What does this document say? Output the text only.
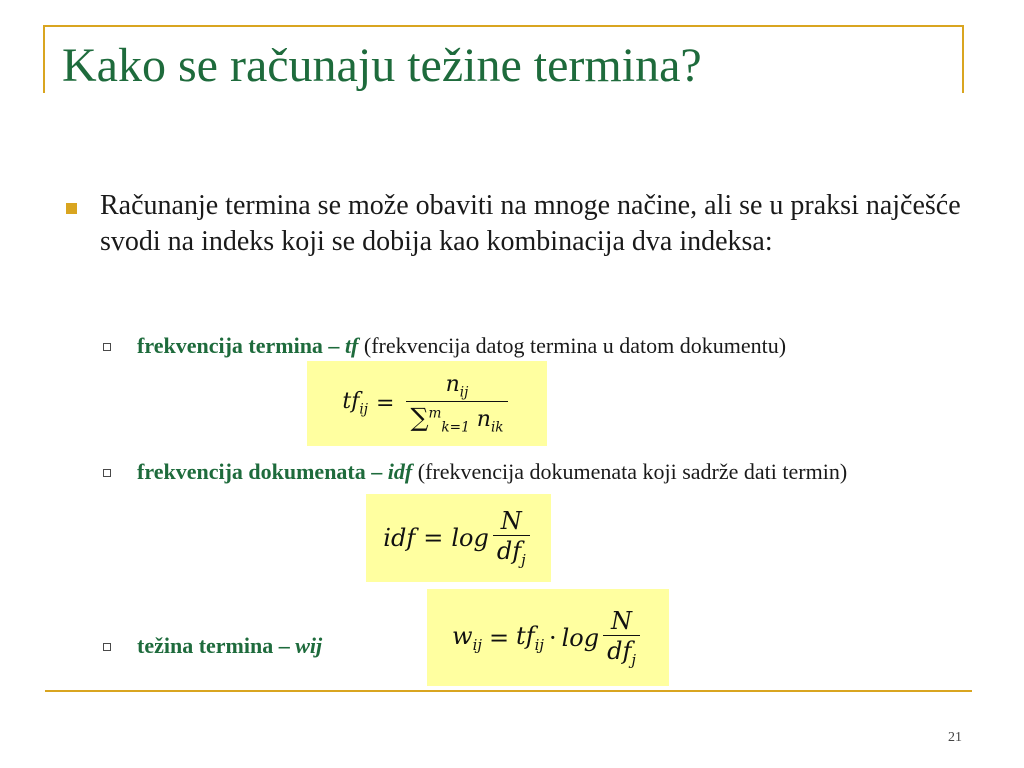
Kako se računaju težine termina?
Računanje termina se može obaviti na mnoge načine, ali se u praksi najčešće svodi na indeks koji se dobija kao kombinacija dva indeksa:
frekvencija termina – tf (frekvencija datog termina u datom dokumentu)
$tf_{ij} = \frac{n_{ij}}{\sum^m_{k=1} n_{ik}}$
frekvencija dokumenata – idf (frekvencija dokumenata koji sadrže dati termin)
idf = $\log \frac{N}{df_j}$
težina termina – wij	$w_{ij} = tf_{ij} \cdot \log \frac{N}{df_j}$
21
